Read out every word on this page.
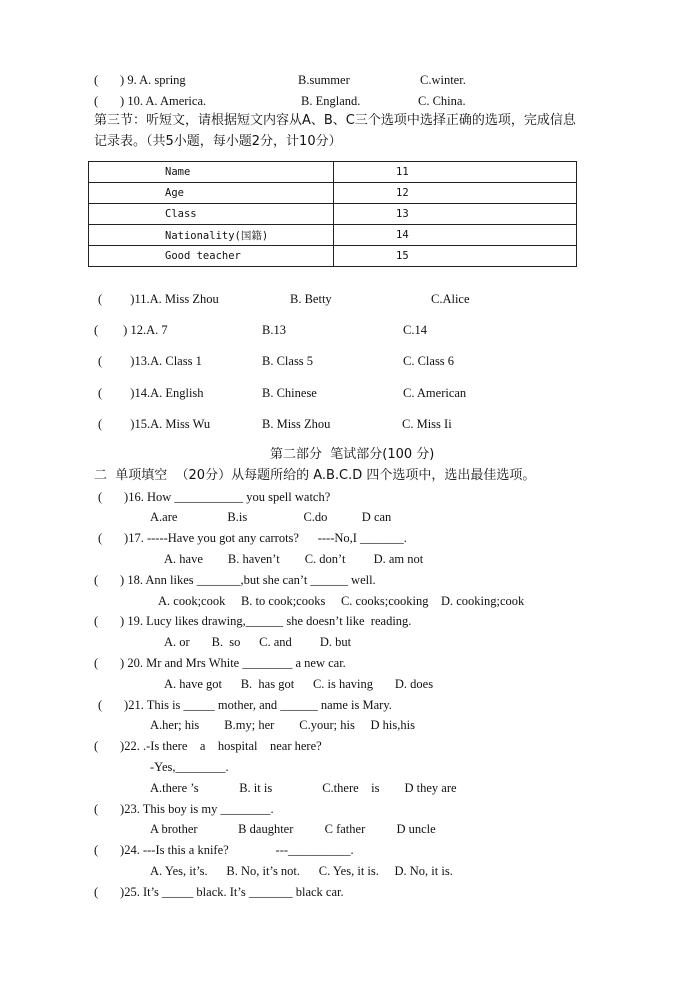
(       ) 9. A. spring	B.summer	C.winter.
(       ) 10. A. America.	B. England.	C. China.
第三节：听短文，请根据短文内容从A、B、C三个选项中选择正确的选项，完成信息
记录表。（共5小题，每小题2分，计10分）
Name	11
Age	12
Class	13
Nationality(国籍)	14
Good teacher	15
(         )11.A. Miss Zhou	B. Betty	C.Alice
(        ) 12.A. 7	B.13	C.14
(         )13.A. Class 1	B. Class 5	C. Class 6
(         )14.A. English	B. Chinese	C. American
(         )15.A. Miss Wu	B. Miss Zhou	C. Miss Ii
第二部分  笔试部分(100 分)
二  单项填空  （20分）从每题所给的 A.B.C.D 四个选项中，选出最佳选项。
(       )16. How ___________ you spell watch?
A.are                B.is                  C.do           D can
(       )17. -----Have you got any carrots?      ----No,I _______.
A. have        B. haven’t        C. don’t         D. am not
(       ) 18. Ann likes _______,but she can’t ______ well.
A. cook;cook     B. to cook;cooks     C. cooks;cooking    D. cooking;cook
(       ) 19. Lucy likes drawing,______ she doesn’t like  reading.
A. or       B.  so      C. and         D. but
(       ) 20. Mr and Mrs White ________ a new car.
A. have got      B.  has got      C. is having       D. does
(       )21. This is _____ mother, and ______ name is Mary.
A.her; his        B.my; her        C.your; his     D his,his
(       )22. .-Is there    a    hospital    near here?
-Yes,________.
A.there ’s             B. it is                C.there    is        D they are
(       )23. This boy is my ________.
A brother             B daughter          C father          D uncle
(       )24. ---Is this a knife?               ---__________.
A. Yes, it’s.      B. No, it’s not.      C. Yes, it is.     D. No, it is.
(       )25. It’s _____ black. It’s _______ black car.
